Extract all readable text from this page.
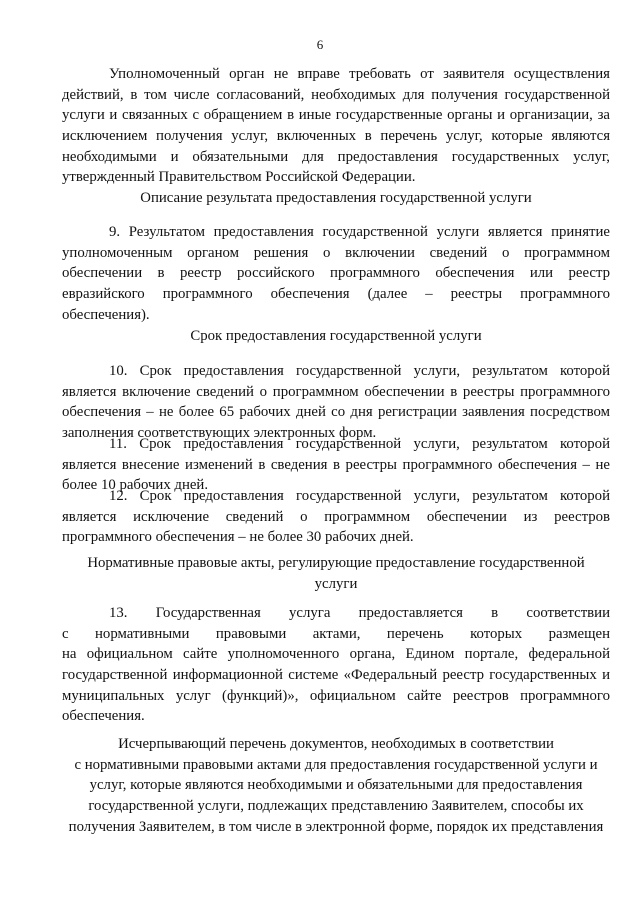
6
Уполномоченный орган не вправе требовать от заявителя осуществления
действий, в том числе согласований, необходимых для получения государственной
услуги и связанных с обращением в иные государственные органы и организации, за
исключением получения услуг, включенных в перечень услуг, которые являются
необходимыми и обязательными для предоставления государственных услуг,
утвержденный Правительством Российской Федерации.
Описание результата предоставления государственной услуги
9. Результатом предоставления государственной услуги является принятие
уполномоченным органом решения о включении сведений о программном
обеспечении в реестр российского программного обеспечения или реестр
евразийского программного обеспечения (далее – реестры программного
обеспечения).
Срок предоставления государственной услуги
10. Срок предоставления государственной услуги, результатом которой
является включение сведений о программном обеспечении в реестры программного
обеспечения – не более 65 рабочих дней со дня регистрации заявления посредством
заполнения соответствующих электронных форм.
11. Срок предоставления государственной услуги, результатом которой
является внесение изменений в сведения в реестры программного обеспечения – не
более 10 рабочих дней.
12. Срок предоставления государственной услуги, результатом которой
является исключение сведений о программном обеспечении из реестров
программного обеспечения – не более 30 рабочих дней.
Нормативные правовые акты, регулирующие предоставление государственной
услуги
13. Государственная услуга предоставляется в соответствии
с нормативными правовыми актами, перечень которых размещен
на официальном сайте уполномоченного органа, Едином портале, федеральной
государственной информационной системе «Федеральный реестр государственных и
муниципальных услуг (функций)», официальном сайте реестров программного
обеспечения.
Исчерпывающий перечень документов, необходимых в соответствии
с нормативными правовыми актами для предоставления государственной услуги и
услуг, которые являются необходимыми и обязательными для предоставления
государственной услуги, подлежащих представлению Заявителем, способы их
получения Заявителем, в том числе в электронной форме, порядок их представления
